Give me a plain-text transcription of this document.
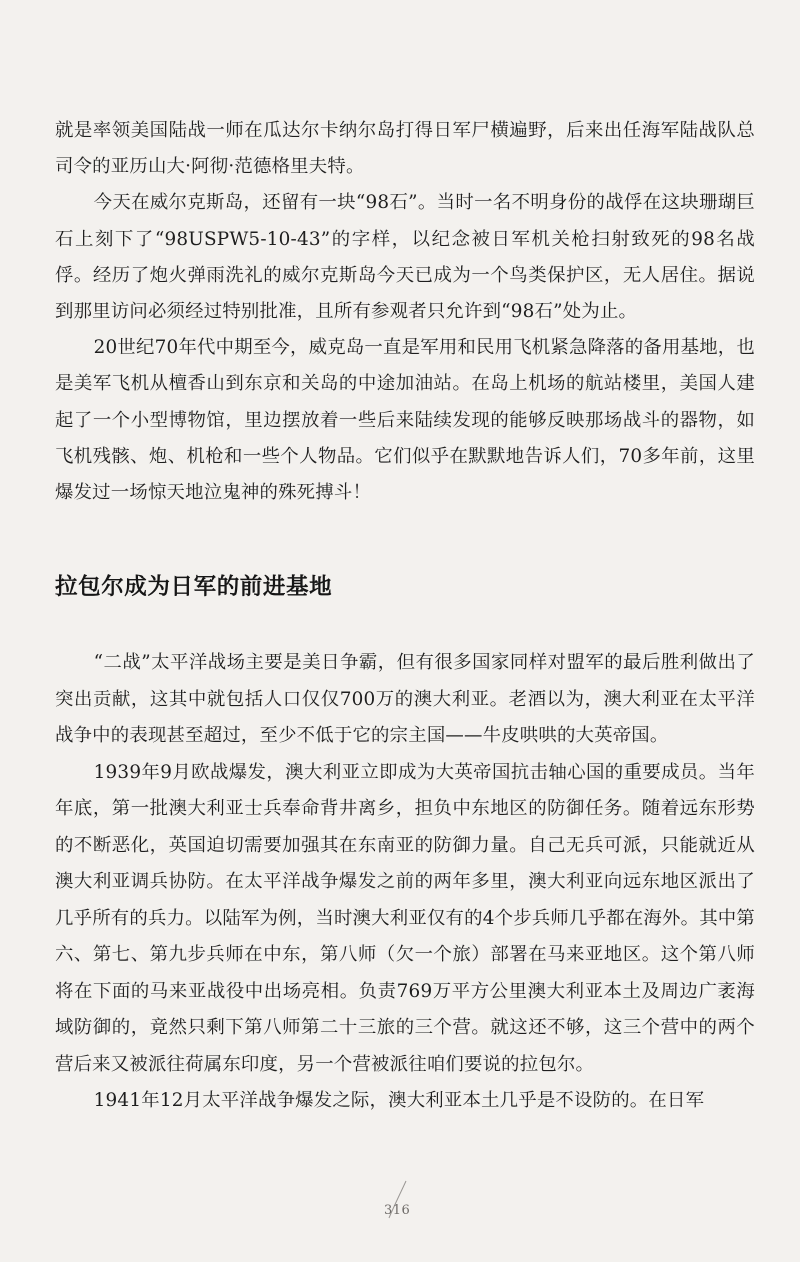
就是率领美国陆战一师在瓜达尔卡纳尔岛打得日军尸横遍野，后来出任海军陆战队总司令的亚历山大·阿彻·范德格里夫特。

今天在威尔克斯岛，还留有一块“98石”。当时一名不明身份的战俘在这块珊瑚巨石上刻下了“98USPW5-10-43”的字样，以纪念被日军机关枪扫射致死的98名战俘。经历了炮火弹雨洗礼的威尔克斯岛今天已成为一个鸟类保护区，无人居住。据说到那里访问必须经过特别批准，且所有参观者只允许到“98石”处为止。

20世纪70年代中期至今，威克岛一直是军用和民用飞机紧急降落的备用基地，也是美军飞机从檀香山到东京和关岛的中途加油站。在岛上机场的航站楼里，美国人建起了一个小型博物馆，里边摆放着一些后来陆续发现的能够反映那场战斗的器物，如飞机残骸、炮、机枪和一些个人物品。它们似乎在默默地告诉人们，70多年前，这里爆发过一场惊天地泣鬼神的殊死搏斗！

拉包尔成为日军的前进基地

“二战”太平洋战场主要是美日争霸，但有很多国家同样对盟军的最后胜利做出了突出贡献，这其中就包括人口仅仅700万的澳大利亚。老酒以为，澳大利亚在太平洋战争中的表现甚至超过，至少不低于它的宗主国——牛皮哄哄的大英帝国。

1939年9月欧战爆发，澳大利亚立即成为大英帝国抗击轴心国的重要成员。当年年底，第一批澳大利亚士兵奉命背井离乡，担负中东地区的防御任务。随着远东形势的不断恶化，英国迫切需要加强其在东南亚的防御力量。自己无兵可派，只能就近从澳大利亚调兵协防。在太平洋战争爆发之前的两年多里，澳大利亚向远东地区派出了几乎所有的兵力。以陆军为例，当时澳大利亚仅有的4个步兵师几乎都在海外。其中第六、第七、第九步兵师在中东，第八师（欠一个旅）部署在马来亚地区。这个第八师将在下面的马来亚战役中出场亮相。负责769万平方公里澳大利亚本土及周边广袤海域防御的，竟然只剩下第八师第二十三旅的三个营。就这还不够，这三个营中的两个营后来又被派往荷属东印度，另一个营被派往咱们要说的拉包尔。

1941年12月太平洋战争爆发之际，澳大利亚本土几乎是不设防的。在日军

316
